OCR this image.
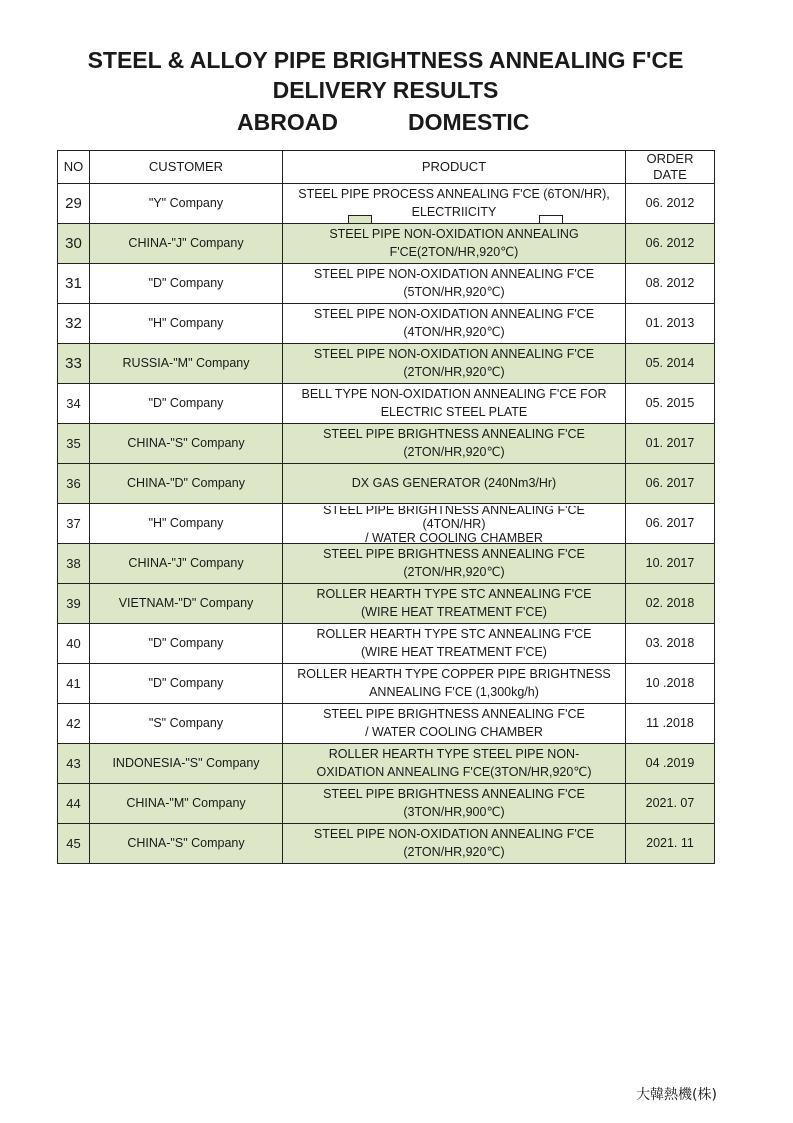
STEEL & ALLOY PIPE BRIGHTNESS ANNEALING F'CE
DELIVERY RESULTS
ABROAD	DOMESTIC
NO	CUSTOMER	PRODUCT	ORDER
DATE

29	"Y" Company	STEEL PIPE PROCESS ANNEALING F'CE (6TON/HR),
ELECTRIICITY	06. 2012
30	CHINA-"J" Company	STEEL PIPE NON-OXIDATION ANNEALING
F'CE(2TON/HR,920℃)	06. 2012
31	"D" Company	STEEL PIPE NON-OXIDATION ANNEALING F'CE
(5TON/HR,920℃)	08. 2012
32	"H" Company	STEEL PIPE NON-OXIDATION ANNEALING F'CE
(4TON/HR,920℃)	01. 2013
33	RUSSIA-"M" Company	STEEL PIPE NON-OXIDATION ANNEALING F'CE
(2TON/HR,920℃)	05. 2014
34	"D" Company	BELL TYPE NON-OXIDATION ANNEALING F'CE FOR
ELECTRIC STEEL PLATE	05. 2015
35	CHINA-"S" Company	STEEL PIPE BRIGHTNESS ANNEALING F'CE
(2TON/HR,920℃)	01. 2017
36	CHINA-"D" Company	DX GAS GENERATOR (240Nm3/Hr)	06. 2017
37	"H" Company	STEEL PIPE BRIGHTNESS ANNEALING F'CE
(4TON/HR)
/ WATER COOLING CHAMBER	06. 2017
38	CHINA-"J" Company	STEEL PIPE BRIGHTNESS ANNEALING F'CE
(2TON/HR,920℃)	10. 2017
39	VIETNAM-"D" Company	ROLLER HEARTH TYPE STC ANNEALING F'CE
(WIRE HEAT TREATMENT F'CE)	02. 2018
40	"D" Company	ROLLER HEARTH TYPE STC ANNEALING F'CE
(WIRE HEAT TREATMENT F'CE)	03. 2018
41	"D" Company	ROLLER HEARTH TYPE COPPER PIPE BRIGHTNESS
ANNEALING F'CE (1,300kg/h)	10 .2018
42	"S" Company	STEEL PIPE BRIGHTNESS ANNEALING F'CE
/ WATER COOLING CHAMBER	11 .2018
43	INDONESIA-"S" Company	ROLLER HEARTH TYPE STEEL PIPE NON-
OXIDATION ANNEALING F'CE(3TON/HR,920℃)	04 .2019
44	CHINA-"M" Company	STEEL PIPE BRIGHTNESS ANNEALING F'CE
(3TON/HR,900℃)	2021. 07
45	CHINA-"S" Company	STEEL PIPE NON-OXIDATION ANNEALING F'CE
(2TON/HR,920℃)	2021. 11
大韓熱機(株)
